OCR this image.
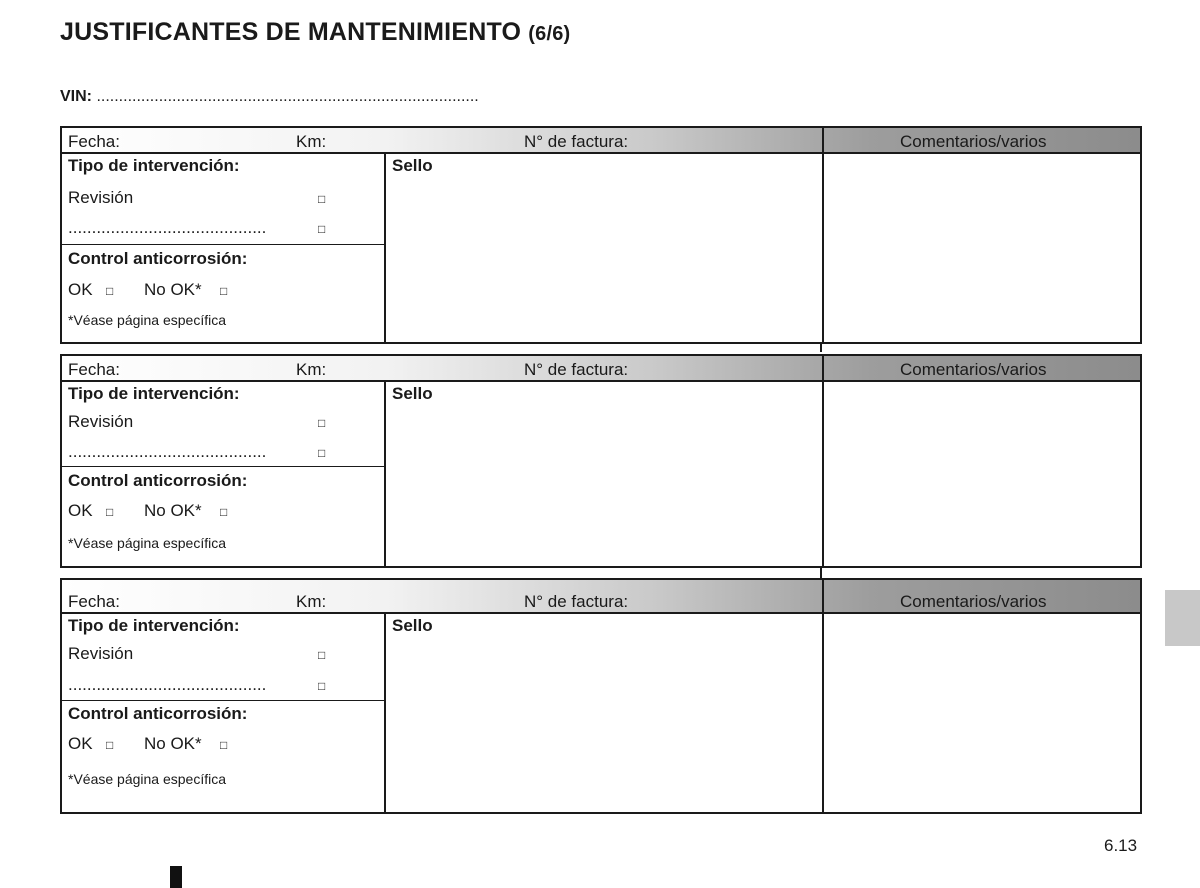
JUSTIFICANTES DE MANTENIMIENTO (6/6)
VIN: ......................................................................................
Fecha:	Km:	N° de factura:	Comentarios/varios
Tipo de intervención:
Revisión	□
..........................................	□
Control anticorrosión:
OK □ No OK* □
*Véase página específica
Sello
Fecha:	Km:	N° de factura:	Comentarios/varios
Tipo de intervención:
Revisión	□
..........................................	□
Control anticorrosión:
OK □ No OK* □
*Véase página específica
Sello
Fecha:	Km:	N° de factura:	Comentarios/varios
Tipo de intervención:
Revisión	□
..........................................	□
Control anticorrosión:
OK □ No OK* □
*Véase página específica
Sello
6.13
